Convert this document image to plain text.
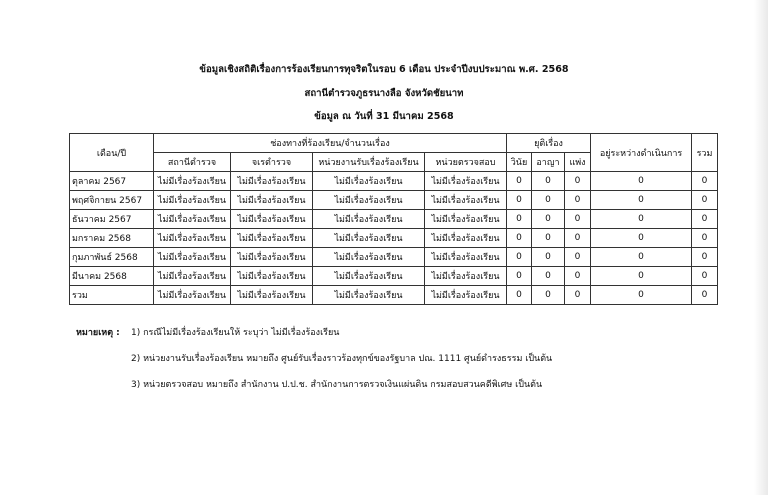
ข้อมูลเชิงสถิติเรื่องการร้องเรียนการทุจริตในรอบ 6 เดือน ประจำปีงบประมาณ พ.ศ. 2568
สถานีตำรวจภูธรนางลือ จังหวัดชัยนาท
ข้อมูล ณ วันที่ 31 มีนาคม 2568
เดือน/ปี	ช่องทางที่ร้องเรียน/จำนวนเรื่อง				ยุติเรื่อง			อยู่ระหว่างดำเนินการ	รวม
	สถานีตำรวจ	จเรตำรวจ	หน่วยงานรับเรื่องร้องเรียน	หน่วยตรวจสอบ	วินัย	อาญา	แพ่ง		
ตุลาคม 2567	ไม่มีเรื่องร้องเรียน	ไม่มีเรื่องร้องเรียน	ไม่มีเรื่องร้องเรียน	ไม่มีเรื่องร้องเรียน	0	0	0	0	0
พฤศจิกายน 2567	ไม่มีเรื่องร้องเรียน	ไม่มีเรื่องร้องเรียน	ไม่มีเรื่องร้องเรียน	ไม่มีเรื่องร้องเรียน	0	0	0	0	0
ธันวาคม 2567	ไม่มีเรื่องร้องเรียน	ไม่มีเรื่องร้องเรียน	ไม่มีเรื่องร้องเรียน	ไม่มีเรื่องร้องเรียน	0	0	0	0	0
มกราคม 2568	ไม่มีเรื่องร้องเรียน	ไม่มีเรื่องร้องเรียน	ไม่มีเรื่องร้องเรียน	ไม่มีเรื่องร้องเรียน	0	0	0	0	0
กุมภาพันธ์ 2568	ไม่มีเรื่องร้องเรียน	ไม่มีเรื่องร้องเรียน	ไม่มีเรื่องร้องเรียน	ไม่มีเรื่องร้องเรียน	0	0	0	0	0
มีนาคม 2568	ไม่มีเรื่องร้องเรียน	ไม่มีเรื่องร้องเรียน	ไม่มีเรื่องร้องเรียน	ไม่มีเรื่องร้องเรียน	0	0	0	0	0
รวม	ไม่มีเรื่องร้องเรียน	ไม่มีเรื่องร้องเรียน	ไม่มีเรื่องร้องเรียน	ไม่มีเรื่องร้องเรียน	0	0	0	0	0
หมายเหตุ :	1) กรณีไม่มีเรื่องร้องเรียนให้ ระบุว่า ไม่มีเรื่องร้องเรียน
2) หน่วยงานรับเรื่องร้องเรียน หมายถึง ศูนย์รับเรื่องราวร้องทุกข์ของรัฐบาล ปณ. 1111 ศูนย์ดำรงธรรม เป็นต้น
3) หน่วยตรวจสอบ หมายถึง สำนักงาน ป.ป.ช. สำนักงานการตรวจเงินแผ่นดิน กรมสอบสวนคดีพิเศษ เป็นต้น
